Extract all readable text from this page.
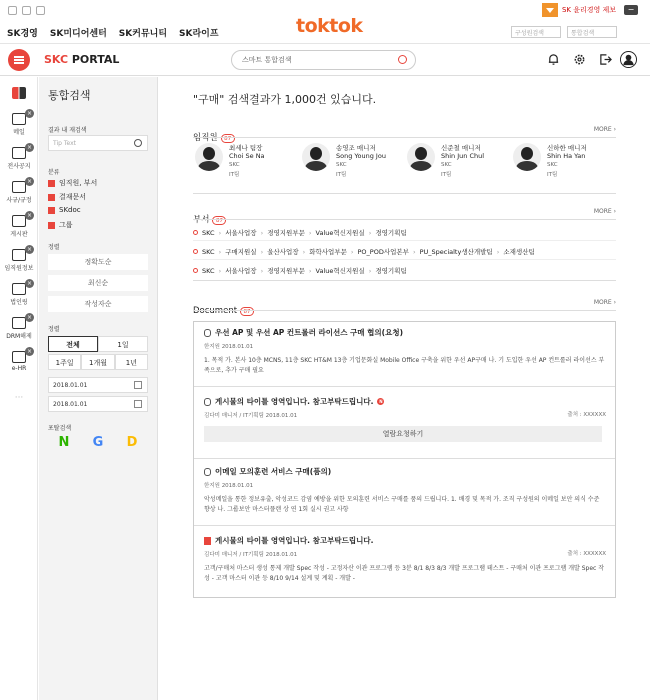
SK 윤리경영 제보	−
SK경영 SK미디어센터 SK커뮤니티 SK라이프	구성원검색	통합검색
toktok
SKC PORTAL	스마트 통합검색
×
메일
×
전사공지
×
사규/규정
×
게시판
×
임직원정보
×
법인링
×
DRM해제
×
e-HR
···
통합검색
결과 내 재검색
Tip Text
분류
임직원, 부서
결재문서
SKdoc
그룹
정렬
정확도순
최신순
작성자순
정렬
전체	1일
1주일	1개월	1년
2018.01.01
2018.01.01
포탈검색
N G D
"구매" 검색결과가 1,000건 있습니다.
임직원 87
MORE ›
최세나 팀장
Choi Se Na
SKC
IT팀
송영조 매니저
Song Young Jou
SKC
IT팀
신준철 매니저
Shin Jun Chul
SKC
IT팀
신하한 매니저
Shin Ha Yan
SKC
IT팀
부서 87
MORE ›
SKC › 서울사업장 › 경영지원부문 › Value혁신지원실 › 경영기획팀
SKC › 구매지원실 › 울산사업장 › 화학사업부문 › PO_POD사업본부 › PU_Specialty생산개발팀 › 소재생산팀
SKC › 서울사업장 › 경영지원부문 › Value혁신지원실 › 경영기획팀
Document 87
MORE ›
우선 AP 및 우선 AP 컨트롤러 라이선스 구매 협의(요청)
한지원 2018.01.01
1. 목적 가. 본사 10층 MCNS, 11층 SKC HT&M 13층 기업문화실 Mobile Office 구축을 위한 우선 AP구매 나. 기 도입한 우선 AP 컨트롤러 라이선스 부족으로, 추가 구매 필요
게시물의 타이틀 영역입니다. 참고부탁드립니다.	N
김다미 매니저 / IT기획팀 2018.01.01	출처 : XXXXXX
열람요청하기
이메일 모의훈련 서비스 구매(품의)
한지원 2018.01.01
악성메일을 통한 정보유출, 악성코드 감염 예방을 위한 모의훈련 서비스 구매를 품의 드립니다. 1. 배경 및 목적 가. 조직 구성원의 이메일 보안 의식 수준 향상 나. 그룹보안 마스터플랜 상 연 1회 실시 권고 사항
게시물의 타이틀 영역입니다. 참고부탁드립니다.
김다미 매니저 / IT기획팀 2018.01.01	출처 : XXXXXX
고객/구매처 마스터 생성 통제 개발 Spec 작성 - 고정자산 이관 프로그램 등 3분 8/1 8/3 8/3 개발 프로그램 테스트 - 구매처 이관 프로그램 개발 Spec 작성 - 고객 마스터 이관 등 8/10 9/14 설계 및 계획 - 개발 -
